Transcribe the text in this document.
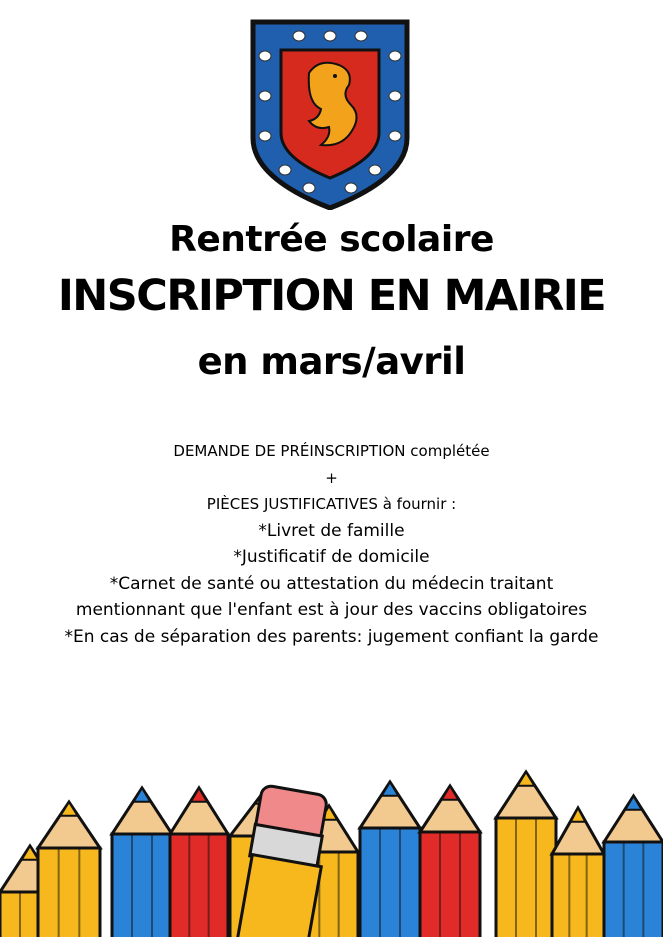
Rentrée scolaire
INSCRIPTION EN MAIRIE
en mars/avril
DEMANDE DE PRÉINSCRIPTION complétée
+
PIÈCES JUSTIFICATIVES à fournir :
*Livret de famille
*Justificatif de domicile
*Carnet de santé ou attestation du médecin traitant
mentionnant que l'enfant est à jour des vaccins obligatoires
*En cas de séparation des parents: jugement confiant la garde
